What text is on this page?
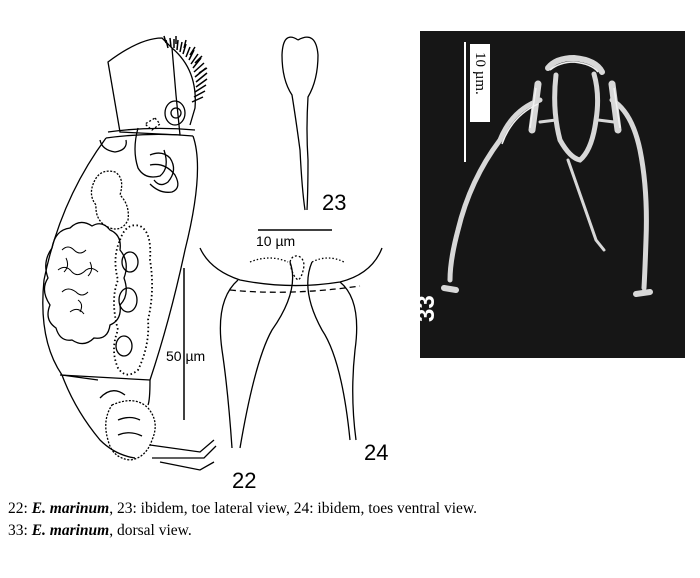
50 µm
22
23
10 µm
24
10 µm.
33

22: E. marinum, 23: ibidem, toe lateral view, 24: ibidem, toes ventral view.

33: E. marinum, dorsal view.
